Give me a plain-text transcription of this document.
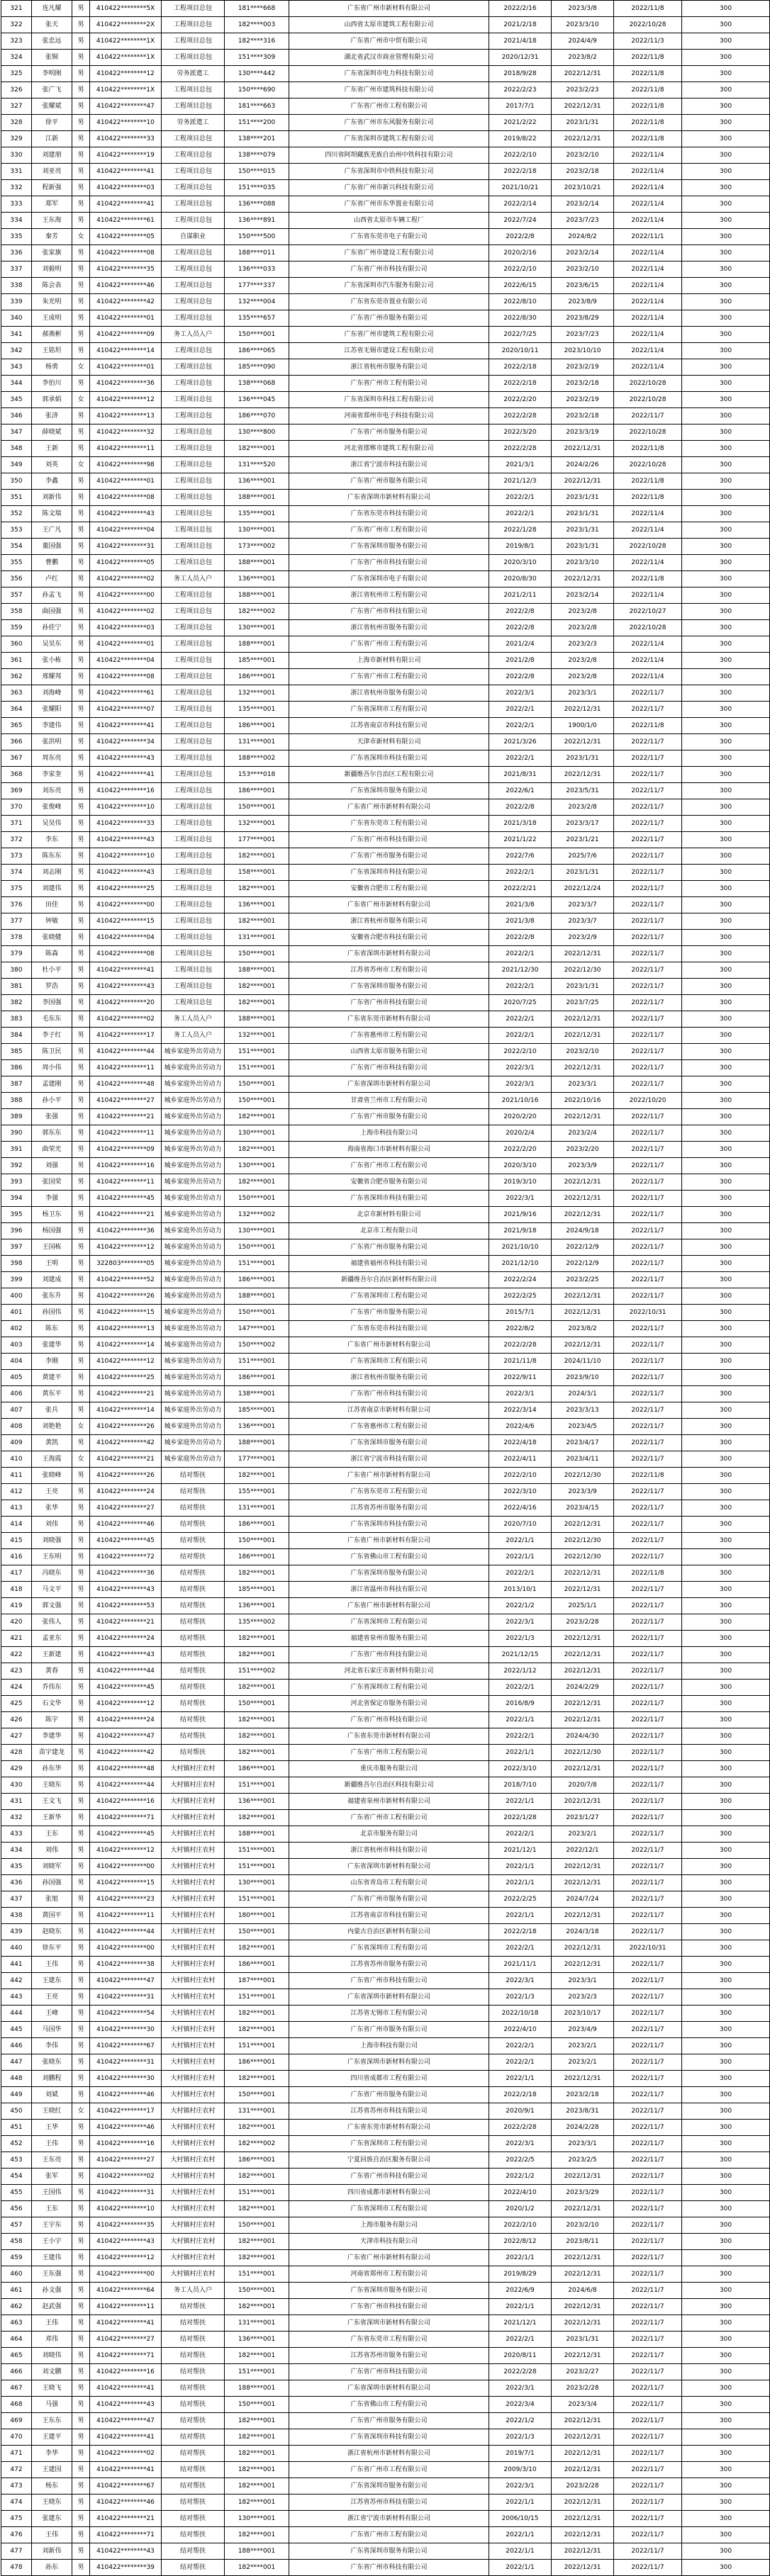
321	连凡耀	男	410422********5X	工程项目总包	181****668	广东省广州市新材料有限公司	2022/2/16	2023/3/8	2022/11/8	300
322	张天	男	410422********2X	工程项目总包	182****003	山西省太原市建筑工程有限公司	2021/2/18	2023/3/10	2022/10/28	300
323	张忠远	男	410422********1X	工程项目总包	182****316	广东省广州市中贸有限公司	2021/4/18	2024/4/9	2022/11/3	300
324	张铜	男	410422********1X	工程项目总包	151****309	湖北省武汉市商业管理有限公司	2020/12/31	2023/8/2	2022/11/8	300
325	李明刚	男	410422********12	劳务派遣工	130****442	广东省深圳市电力科技有限公司	2018/9/28	2022/12/31	2022/11/8	300
326	张广飞	男	410422********1X	工程项目总包	150****690	广东省广州市建筑科技有限公司	2022/2/23	2023/2/23	2022/11/8	300
327	张耀斌	男	410422********47	工程项目总包	181****663	广东省广州市工程有限公司	2017/7/1	2022/12/31	2022/11/8	300
328	徐平	男	410422********10	劳务派遣工	151****200	广东省广州市东风服务有限公司	2021/2/22	2023/1/31	2022/11/8	300
329	江新	男	410422********33	工程项目总包	138****201	广东省深圳市建筑工程有限公司	2019/8/22	2022/12/31	2022/11/8	300
330	刘建朋	男	410422********19	工程项目总包	138****079	四川省阿坝藏族羌族自治州中铁科技有限公司	2022/2/10	2023/2/10	2022/11/4	300
331	刘亚亮	男	410422********41	工程项目总包	150****015	广东省深圳市中铁科技有限公司	2022/2/18	2023/2/18	2022/11/4	300
332	程新强	男	410422********03	工程项目总包	151****035	广东省广州市新兴科技有限公司	2021/10/21	2023/10/21	2022/11/4	300
333	郑军	男	410422********41	工程项目总包	136****088	广东省广州市东华置业有限公司	2022/2/14	2023/2/14	2022/11/4	300
334	王东海	男	410422********61	工程项目总包	136****891	山西省太原市车辆工程厂	2022/7/24	2023/7/23	2022/11/4	300
335	秦芳	女	410422********05	自谋职业	150****500	广东省东莞市电子有限公司	2022/2/8	2024/8/2	2022/11/1	300
336	张家旗	男	410422********08	工程项目总包	188****011	广东省广州市建设工程有限公司	2020/2/16	2023/2/14	2022/11/4	300
337	刘毅明	男	410422********35	工程项目总包	136****033	广东省广州市科技有限公司	2022/2/10	2023/2/10	2022/11/4	300
338	陈会表	男	410422********46	工程项目总包	177****337	广东省深圳市汽车服务有限公司	2022/6/15	2023/6/15	2022/11/4	300
339	朱光明	男	410422********42	工程项目总包	132****004	广东省东莞市置业有限公司	2022/8/10	2023/8/9	2022/11/4	300
340	王成明	男	410422********01	工程项目总包	135****657	广东省广州市服务有限公司	2022/8/30	2023/8/29	2022/11/4	300
341	郝燕彬	男	410422********09	务工人员入户	150****001	广东省广州市建筑工程有限公司	2022/7/25	2023/7/23	2022/11/4	300
342	王铭坦	男	410422********14	工程项目总包	186****065	江苏省无锡市建设工程有限公司	2020/10/11	2023/10/10	2022/11/4	300
343	杨勇	女	410422********01	工程项目总包	185****090	浙江省杭州市服务有限公司	2022/2/18	2023/2/19	2022/11/4	300
344	李伯川	男	410422********36	工程项目总包	138****068	广东省广州市工程有限公司	2022/2/18	2023/2/18	2022/10/28	300
345	郭承娟	女	410422********12	工程项目总包	136****045	广东省深圳市科技工程有限公司	2022/2/20	2023/2/19	2022/10/28	300
346	张济	男	410422********13	工程项目总包	186****070	河南省郑州市电子科技有限公司	2022/2/28	2023/2/18	2022/11/7	300
347	薛晓斌	男	410422********32	工程项目总包	130****800	广东省广州市服务有限公司	2022/3/20	2023/3/19	2022/10/28	300
348	王新	男	410422********11	工程项目总包	182****001	河北省邯郸市建筑工程有限公司	2022/2/28	2022/12/31	2022/11/8	300
349	刘英	女	410422********98	工程项目总包	131****520	浙江省宁波市科技有限公司	2021/3/1	2024/2/26	2022/10/28	300
350	李鑫	男	410422********01	工程项目总包	136****001	广东省广州市服务有限公司	2021/12/3	2022/12/31	2022/11/8	300
351	刘新伟	男	410422********08	工程项目总包	188****001	广东省深圳市新材料有限公司	2022/2/1	2023/1/31	2022/11/8	300
352	陈文瑞	男	410422********43	工程项目总包	135****001	广东省东莞市科技有限公司	2022/2/1	2023/1/31	2022/11/4	300
353	王广凡	男	410422********04	工程项目总包	130****001	广东省广州市工程有限公司	2022/1/28	2023/1/31	2022/11/4	300
354	董国强	男	410422********31	工程项目总包	173****002	广东省深圳市服务有限公司	2019/8/1	2023/1/31	2022/10/28	300
355	曹鹏	男	410422********05	工程项目总包	188****001	广东省广州市科技有限公司	2020/3/10	2023/3/10	2022/11/4	300
356	卢红	男	410422********02	务工人员入户	136****001	广东省深圳市电子有限公司	2020/8/30	2022/12/31	2022/11/8	300
357	孙孟飞	男	410422********00	工程项目总包	188****001	浙江省杭州市工程有限公司	2021/2/11	2023/2/14	2022/11/4	300
358	曲国强	男	410422********02	工程项目总包	182****002	广东省广州市科技有限公司	2022/2/8	2023/2/8	2022/10/27	300
359	孙佳宁	男	410422********03	工程项目总包	130****001	浙江省杭州市服务有限公司	2022/2/8	2023/2/8	2022/10/28	300
360	吴昊东	男	410422********01	工程项目总包	188****001	广东省广州市工程有限公司	2021/2/4	2023/2/3	2022/11/4	300
361	张小栋	男	410422********04	工程项目总包	185****001	上海市新材料有限公司	2021/2/8	2023/2/8	2022/11/4	300
362	邢耀邦	男	410422********08	工程项目总包	186****001	广东省广州市工程有限公司	2022/2/8	2023/2/8	2022/11/4	300
363	刘海峰	男	410422********61	工程项目总包	132****001	浙江省杭州市服务有限公司	2022/3/1	2023/3/1	2022/11/7	300
364	张耀阳	男	410422********07	工程项目总包	135****001	广东省深圳市工程有限公司	2022/2/1	2022/12/31	2022/11/7	300
365	李建伟	男	410422********41	工程项目总包	186****001	江苏省南京市科技有限公司	2022/2/1	1900/1/0	2022/11/8	300
366	张洪明	男	410422********34	工程项目总包	131****001	天津市新材料有限公司	2021/3/26	2022/12/31	2022/11/7	300
367	周东亮	男	410422********43	工程项目总包	188****002	广东省深圳市科技有限公司	2022/2/1	2023/1/31	2022/11/7	300
368	李家奎	男	410422********41	工程项目总包	153****018	新疆维吾尔自治区工程有限公司	2021/8/31	2022/12/31	2022/11/7	300
369	刘东亮	男	410422********16	工程项目总包	186****001	广东省深圳市服务有限公司	2022/6/1	2023/5/31	2022/11/7	300
370	张俊峰	男	410422********10	工程项目总包	150****001	广东省广州市新材料有限公司	2022/2/8	2023/2/8	2022/11/7	300
371	吴昊伟	男	410422********33	工程项目总包	132****001	广东省东莞市工程有限公司	2021/3/18	2023/3/17	2022/11/7	300
372	李东	男	410422********43	工程项目总包	177****001	广东省广州市科技有限公司	2021/1/22	2023/1/21	2022/11/7	300
373	陈东东	男	410422********10	工程项目总包	182****001	广东省广州市服务有限公司	2022/7/6	2025/7/6	2022/11/7	300
374	刘志刚	男	410422********43	工程项目总包	158****001	广东省深圳市科技有限公司	2022/2/1	2023/1/31	2022/11/7	300
375	刘建伟	男	410422********25	工程项目总包	182****001	安徽省合肥市工程有限公司	2022/2/21	2022/12/24	2022/11/7	300
376	田佳	男	410422********00	工程项目总包	136****001	广东省广州市新材料有限公司	2021/3/8	2023/3/7	2022/11/7	300
377	钟敏	男	410422********15	工程项目总包	182****001	浙江省杭州市服务有限公司	2021/3/8	2023/3/7	2022/11/7	300
378	张晓健	男	410422********04	工程项目总包	131****001	安徽省合肥市科技有限公司	2022/2/8	2023/2/9	2022/11/7	300
379	陈森	男	410422********08	工程项目总包	150****001	广东省深圳市新材料有限公司	2022/2/1	2022/12/31	2022/11/7	300
380	杜小平	男	410422********41	工程项目总包	188****001	江苏省苏州市工程有限公司	2021/12/30	2022/12/30	2022/11/7	300
381	罗浩	男	410422********43	工程项目总包	182****001	广东省深圳市服务有限公司	2022/2/1	2023/1/31	2022/11/7	300
382	李国强	男	410422********20	工程项目总包	182****001	广东省广州市科技有限公司	2020/7/25	2023/7/25	2022/11/7	300
383	毛东东	男	410422********02	务工人员入户	188****001	广东省东莞市新材料有限公司	2022/2/1	2022/12/31	2022/11/7	300
384	李子红	男	410422********17	务工人员入户	132****001	广东省惠州市工程有限公司	2022/2/1	2022/12/31	2022/11/7	300
385	陈卫民	男	410422********44	城乡家庭外出劳动力	151****001	山西省太原市服务有限公司	2022/2/10	2023/2/10	2022/11/7	300
386	周小伟	男	410422********11	城乡家庭外出劳动力	151****001	广东省广州市科技有限公司	2022/3/1	2022/12/31	2022/11/7	300
387	孟建刚	男	410422********48	城乡家庭外出劳动力	150****001	广东省深圳市新材料有限公司	2022/3/1	2023/3/1	2022/11/7	300
388	孙小平	男	410422********27	城乡家庭外出劳动力	150****001	甘肃省兰州市工程有限公司	2021/10/16	2022/10/16	2022/10/20	300
389	张强	男	410422********21	城乡家庭外出劳动力	182****001	广东省广州市服务有限公司	2020/2/20	2022/12/31	2022/11/7	300
390	郭东东	男	410422********11	城乡家庭外出劳动力	130****001	上海市科技有限公司	2020/2/4	2023/2/4	2022/11/7	300
391	曲荣光	男	410422********09	城乡家庭外出劳动力	182****001	海南省海口市新材料有限公司	2022/2/20	2023/2/20	2022/11/7	300
392	刘强	男	410422********16	城乡家庭外出劳动力	130****001	广东省广州市工程有限公司	2020/3/10	2023/3/9	2022/11/7	300
393	张国荣	男	410422********11	城乡家庭外出劳动力	182****001	安徽省合肥市服务有限公司	2019/3/10	2022/12/31	2022/11/7	300
394	李强	男	410422********45	城乡家庭外出劳动力	150****001	广东省深圳市科技有限公司	2022/3/1	2022/12/31	2022/11/7	300
395	杨卫东	男	410422********21	城乡家庭外出劳动力	132****002	北京市新材料有限公司	2021/9/16	2022/12/31	2022/11/7	300
396	杨国强	男	410422********36	城乡家庭外出劳动力	130****001	北京市工程有限公司	2021/9/18	2024/9/18	2022/11/7	300
397	王国栋	男	410422********12	城乡家庭外出劳动力	150****001	广东省广州市服务有限公司	2021/10/10	2022/12/9	2022/11/7	300
398	王明	男	322803********05	城乡家庭外出劳动力	151****001	福建省福州市科技有限公司	2021/12/10	2022/12/9	2022/11/7	300
399	刘建成	男	410422********52	城乡家庭外出劳动力	186****001	新疆维吾尔自治区新材料有限公司	2022/2/24	2023/2/25	2022/11/7	300
400	张东升	男	410422********26	城乡家庭外出劳动力	188****001	广东省深圳市工程有限公司	2022/2/25	2022/12/31	2022/11/7	300
401	孙国伟	男	410422********15	城乡家庭外出劳动力	150****001	广东省广州市服务有限公司	2015/7/1	2022/12/31	2022/10/31	300
402	陈东	男	410422********13	城乡家庭外出劳动力	147****001	广东省东莞市科技有限公司	2022/8/2	2023/8/2	2022/11/7	300
403	张建华	男	410422********14	城乡家庭外出劳动力	150****002	广东省广州市新材料有限公司	2022/2/28	2022/12/31	2022/11/7	300
404	李刚	男	410422********12	城乡家庭外出劳动力	151****001	广东省深圳市工程有限公司	2021/11/8	2024/11/10	2022/11/7	300
405	黄建平	男	410422********25	城乡家庭外出劳动力	186****001	浙江省杭州市服务有限公司	2022/9/11	2023/9/10	2022/11/7	300
406	黄东平	男	410422********21	城乡家庭外出劳动力	138****001	广东省广州市科技有限公司	2022/3/1	2024/3/1	2022/11/7	300
407	张兵	男	410422********14	城乡家庭外出劳动力	185****001	江苏省南京市新材料有限公司	2022/3/14	2023/3/13	2022/11/7	300
408	刘艳艳	女	410422********26	城乡家庭外出劳动力	136****001	广东省惠州市工程有限公司	2022/4/6	2023/4/5	2022/11/7	300
409	黄凯	男	410422********42	城乡家庭外出劳动力	188****001	广东省深圳市服务有限公司	2022/4/18	2023/4/17	2022/11/7	300
410	王海霞	女	410422********21	城乡家庭外出劳动力	177****001	浙江省宁波市科技有限公司	2022/4/11	2023/4/11	2022/11/7	300
411	张晓峰	男	410422********26	结对帮扶	182****001	广东省广州市新材料有限公司	2022/2/10	2022/12/30	2022/11/8	300
412	王亮	男	410422********24	结对帮扶	155****001	广东省东莞市工程有限公司	2022/3/10	2023/3/9	2022/11/7	300
413	张华	男	410422********27	结对帮扶	131****001	江苏省苏州市服务有限公司	2022/4/16	2023/4/15	2022/11/7	300
414	刘伟	男	410422********46	结对帮扶	186****001	广东省深圳市科技有限公司	2020/7/10	2022/12/31	2022/11/7	300
415	刘晓强	男	410422********45	结对帮扶	150****001	广东省广州市新材料有限公司	2022/1/1	2022/12/30	2022/11/7	300
416	王东明	男	410422********72	结对帮扶	186****001	广东省佛山市工程有限公司	2022/1/1	2022/12/30	2022/11/7	300
417	冯晓东	男	410422********36	结对帮扶	182****001	广东省深圳市服务有限公司	2022/2/1	2022/12/31	2022/11/8	300
418	马文平	男	410422********43	结对帮扶	185****001	浙江省温州市科技有限公司	2013/10/1	2022/12/31	2022/11/7	300
419	郭文强	男	410422********53	结对帮扶	136****001	广东省广州市新材料有限公司	2022/1/2	2025/1/1	2022/11/7	300
420	张伟人	男	410422********21	结对帮扶	135****002	广东省深圳市工程有限公司	2022/3/1	2023/2/28	2022/11/7	300
421	孟亚东	男	410422********24	结对帮扶	182****001	福建省泉州市服务有限公司	2022/1/3	2022/12/31	2022/11/7	300
422	王新建	男	410422********43	结对帮扶	182****001	广东省广州市科技有限公司	2021/12/15	2022/12/31	2022/11/7	300
423	黄春	男	410422********44	结对帮扶	151****002	河北省石家庄市新材料有限公司	2022/1/12	2022/12/31	2022/11/7	300
424	乔伟东	男	410422********45	结对帮扶	182****001	广东省深圳市工程有限公司	2022/2/1	2024/2/29	2022/11/7	300
425	石文华	男	410422********12	结对帮扶	150****001	河北省保定市服务有限公司	2016/8/9	2022/12/31	2022/11/7	300
426	陈宇	男	410422********24	结对帮扶	182****001	广东省广州市科技有限公司	2022/1/1	2022/12/31	2022/11/7	300
427	李建华	男	410422********47	结对帮扶	182****001	广东省东莞市新材料有限公司	2022/2/1	2024/4/30	2022/11/7	300
428	苗宇建龙	男	410422********42	结对帮扶	182****001	广东省广州市工程有限公司	2022/1/1	2022/12/30	2022/11/7	300
429	孙东华	男	410422********48	大村镇村庄农村	186****001	重庆市服务有限公司	2022/3/10	2022/12/31	2022/11/7	300
430	王晓东	男	410422********44	大村镇村庄农村	151****001	新疆维吾尔自治区科技有限公司	2018/7/10	2020/7/8	2022/11/7	300
431	王文飞	男	410422********16	大村镇村庄农村	136****001	福建省泉州市新材料有限公司	2022/1/1	2022/12/31	2022/11/7	300
432	王新华	男	410422********71	大村镇村庄农村	182****001	广东省广州市工程有限公司	2022/1/28	2023/1/27	2022/11/7	300
433	王东	男	410422********45	大村镇村庄农村	188****001	北京市服务有限公司	2022/2/1	2023/2/1	2022/11/7	300
434	刘伟	男	410422********12	大村镇村庄农村	151****001	浙江省杭州市科技有限公司	2021/12/1	2022/12/1	2022/11/7	300
435	刘晓军	男	410422********00	大村镇村庄农村	151****001	广东省深圳市新材料有限公司	2022/1/1	2022/12/31	2022/11/7	300
436	孙国强	男	410422********15	大村镇村庄农村	130****001	山东省青岛市工程有限公司	2022/1/1	2022/12/31	2022/11/7	300
437	张旭	男	410422********23	大村镇村庄农村	151****001	广东省广州市服务有限公司	2022/2/25	2024/7/24	2022/11/7	300
438	黄国平	男	410422********11	大村镇村庄农村	180****001	江苏省南京市科技有限公司	2022/1/1	2022/12/31	2022/11/7	300
439	赵晓东	男	410422********44	大村镇村庄农村	150****001	内蒙古自治区新材料有限公司	2022/2/18	2024/3/18	2022/11/7	300
440	徐东平	男	410422********00	大村镇村庄农村	182****001	广东省深圳市工程有限公司	2022/2/1	2022/12/31	2022/10/31	300
441	王伟	男	410422********38	大村镇村庄农村	186****001	江苏省苏州市服务有限公司	2021/11/1	2022/12/31	2022/11/7	300
442	王建东	男	410422********47	大村镇村庄农村	187****001	广东省广州市科技有限公司	2022/3/1	2023/3/1	2022/11/7	300
443	王亮	男	410422********31	大村镇村庄农村	151****001	广东省深圳市新材料有限公司	2022/1/3	2023/2/3	2022/11/7	300
444	王峰	男	410422********54	大村镇村庄农村	182****001	江苏省无锡市工程有限公司	2022/10/18	2023/10/17	2022/11/7	300
445	马国华	男	410422********30	大村镇村庄农村	182****001	广东省广州市服务有限公司	2022/4/10	2023/4/9	2022/11/7	300
446	李伟	男	410422********67	大村镇村庄农村	151****001	上海市科技有限公司	2022/2/1	2023/2/1	2022/11/7	300
447	张晓东	男	410422********31	大村镇村庄农村	186****001	广东省深圳市新材料有限公司	2022/2/1	2023/2/1	2022/11/7	300
448	刘鹏程	男	410422********30	大村镇村庄农村	182****001	四川省成都市工程有限公司	2022/1/1	2022/12/31	2022/11/7	300
449	刘斌	男	410422********46	大村镇村庄农村	150****001	广东省广州市服务有限公司	2022/2/18	2023/2/18	2022/11/7	300
450	王晓红	女	410422********17	大村镇村庄农村	131****001	江苏省苏州市科技有限公司	2020/9/1	2023/8/31	2022/11/7	300
451	王华	男	410422********46	大村镇村庄农村	182****001	广东省东莞市新材料有限公司	2022/2/28	2024/2/28	2022/11/7	300
452	王伟	男	410422********16	大村镇村庄农村	182****002	广东省深圳市工程有限公司	2022/3/1	2023/3/1	2022/11/7	300
453	王东亮	男	410422********27	大村镇村庄农村	186****001	宁夏回族自治区服务有限公司	2022/2/5	2023/2/5	2022/11/7	300
454	张军	男	410422********02	大村镇村庄农村	182****001	广东省广州市科技有限公司	2022/1/2	2022/12/31	2022/11/7	300
455	王国伟	男	410422********31	大村镇村庄农村	151****001	四川省成都市新材料有限公司	2022/4/10	2023/3/29	2022/11/7	300
456	王东	男	410422********10	大村镇村庄农村	182****001	广东省深圳市工程有限公司	2020/1/2	2022/12/31	2022/11/7	300
457	王宇东	男	410422********35	大村镇村庄农村	150****001	上海市服务有限公司	2022/2/10	2023/2/10	2022/11/7	300
458	王小宇	男	410422********43	大村镇村庄农村	182****001	天津市科技有限公司	2022/8/12	2023/8/11	2022/11/7	300
459	王建伟	男	410422********12	大村镇村庄农村	182****001	广东省广州市新材料有限公司	2022/1/1	2022/12/31	2022/11/7	300
460	王东强	男	410422********00	大村镇村庄农村	151****001	河南省郑州市工程有限公司	2019/8/29	2022/12/31	2022/11/7	300
461	孙文强	男	410422********64	务工人员入户	150****001	广东省深圳市服务有限公司	2022/6/9	2024/6/8	2022/11/7	300
462	赵武强	男	410422********11	结对帮扶	182****001	广东省广州市科技有限公司	2022/1/1	2022/12/31	2022/11/7	300
463	王伟	男	410422********41	结对帮扶	131****001	广东省深圳市新材料有限公司	2021/12/1	2022/12/31	2022/11/7	300
464	邓伟	男	410422********27	结对帮扶	136****001	广东省东莞市工程有限公司	2022/2/1	2023/1/31	2022/11/7	300
465	刘晓伟	男	410422********71	结对帮扶	182****001	江苏省苏州市服务有限公司	2020/8/11	2022/12/31	2022/11/7	300
466	刘文鹏	男	410422********16	结对帮扶	151****001	广东省广州市科技有限公司	2022/2/28	2023/2/27	2022/11/7	300
467	王晓飞	男	410422********41	结对帮扶	188****001	广东省深圳市新材料有限公司	2022/3/1	2023/2/28	2022/11/7	300
468	马强	男	410422********43	结对帮扶	150****001	广东省佛山市工程有限公司	2022/3/4	2023/3/4	2022/11/7	300
469	王东东	男	410422********47	结对帮扶	182****001	广东省广州市服务有限公司	2022/1/2	2022/12/31	2022/11/7	300
470	王建平	男	410422********41	结对帮扶	182****001	广东省深圳市科技有限公司	2022/1/3	2022/12/31	2022/11/7	300
471	李华	男	410422********02	结对帮扶	182****001	浙江省杭州市新材料有限公司	2019/7/1	2022/12/31	2022/11/7	300
472	王建国	男	410422********41	结对帮扶	182****001	广东省广州市工程有限公司	2009/3/10	2022/12/31	2022/11/7	300
473	杨东	男	410422********67	结对帮扶	182****001	广东省深圳市服务有限公司	2022/3/1	2023/2/28	2022/11/7	300
474	王晓东	男	410422********46	结对帮扶	182****001	江苏省苏州市科技有限公司	2022/1/1	2022/12/31	2022/11/7	300
475	张建东	男	410422********21	结对帮扶	130****001	浙江省宁波市新材料有限公司	2006/10/15	2022/12/31	2022/11/7	300
476	王伟	男	410422********71	结对帮扶	182****001	广东省广州市工程有限公司	2022/1/1	2022/12/31	2022/11/7	300
477	刘新伟	男	410422********43	结对帮扶	188****001	广东省深圳市服务有限公司	2022/1/1	2022/12/31	2022/11/7	300
478	孙东	男	410422********39	结对帮扶	182****001	广东省广州市科技有限公司	2022/1/1	2022/12/31	2022/11/7	300
